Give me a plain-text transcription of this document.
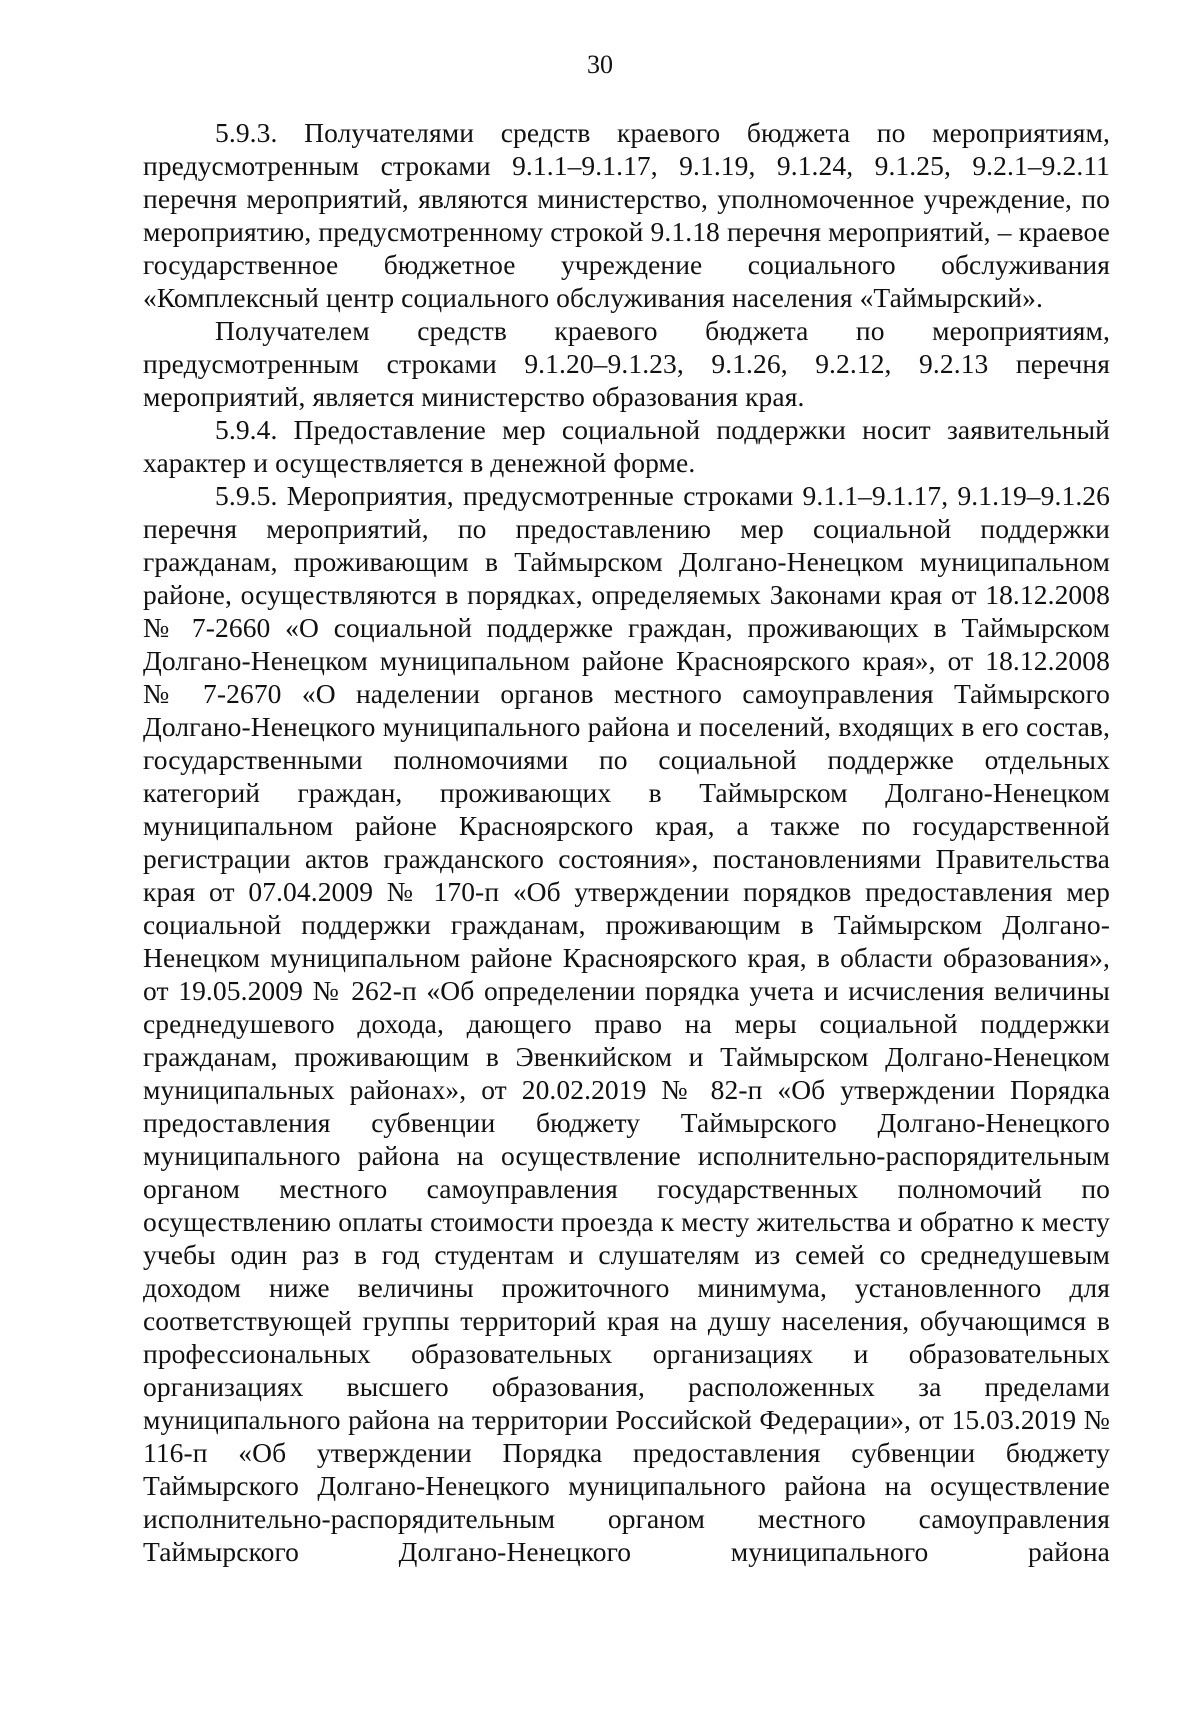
30

5.9.3. Получателями средств краевого бюджета по мероприятиям, предусмотренным строками 9.1.1–9.1.17, 9.1.19, 9.1.24, 9.1.25, 9.2.1–9.2.11 перечня мероприятий, являются министерство, уполномоченное учреждение, по мероприятию, предусмотренному строкой 9.1.18 перечня мероприятий, – краевое государственное бюджетное учреждение социального обслуживания «Комплексный центр социального обслуживания населения «Таймырский».

Получателем средств краевого бюджета по мероприятиям, предусмотренным строками 9.1.20–9.1.23, 9.1.26, 9.2.12, 9.2.13 перечня мероприятий, является министерство образования края.

5.9.4. Предоставление мер социальной поддержки носит заявительный характер и осуществляется в денежной форме.

5.9.5. Мероприятия, предусмотренные строками 9.1.1–9.1.17, 9.1.19–9.1.26 перечня мероприятий, по предоставлению мер социальной поддержки гражданам, проживающим в Таймырском Долгано-Ненецком муниципальном районе, осуществляются в порядках, определяемых Законами края от 18.12.2008 № 7-2660 «О социальной поддержке граждан, проживающих в Таймырском Долгано-Ненецком муниципальном районе Красноярского края», от 18.12.2008 № 7-2670 «О наделении органов местного самоуправления Таймырского Долгано-Ненецкого муниципального района и поселений, входящих в его состав, государственными полномочиями по социальной поддержке отдельных категорий граждан, проживающих в Таймырском Долгано-Ненецком муниципальном районе Красноярского края, а также по государственной регистрации актов гражданского состояния», постановлениями Правительства края от 07.04.2009 № 170-п «Об утверждении порядков предоставления мер социальной поддержки гражданам, проживающим в Таймырском Долгано-Ненецком муниципальном районе Красноярского края, в области образования», от 19.05.2009 № 262-п «Об определении порядка учета и исчисления величины среднедушевого дохода, дающего право на меры социальной поддержки гражданам, проживающим в Эвенкийском и Таймырском Долгано-Ненецком муниципальных районах», от 20.02.2019 № 82-п «Об утверждении Порядка предоставления субвенции бюджету Таймырского Долгано-Ненецкого муниципального района на осуществление исполнительно-распорядительным органом местного самоуправления государственных полномочий по осуществлению оплаты стоимости проезда к месту жительства и обратно к месту учебы один раз в год студентам и слушателям из семей со среднедушевым доходом ниже величины прожиточного минимума, установленного для соответствующей группы территорий края на душу населения, обучающимся в профессиональных образовательных организациях и образовательных организациях высшего образования, расположенных за пределами муниципального района на территории Российской Федерации», от 15.03.2019 № 116-п «Об утверждении Порядка предоставления субвенции бюджету Таймырского Долгано-Ненецкого муниципального района на осуществление исполнительно-распорядительным органом местного самоуправления Таймырского Долгано-Ненецкого муниципального района
